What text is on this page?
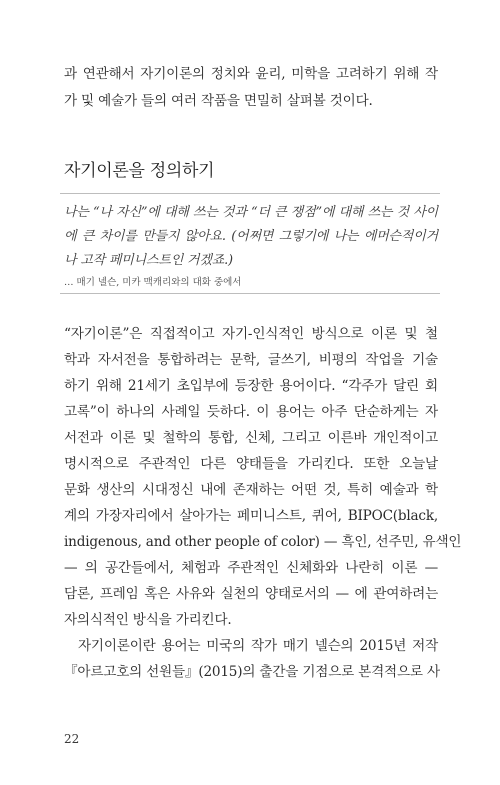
과 연관해서 자기이론의 정치와 윤리, 미학을 고려하기 위해 작
가 및 예술가 들의 여러 작품을 면밀히 살펴볼 것이다.
자기이론을 정의하기
나는 “나 자신”에 대해 쓰는 것과 “더 큰 쟁점”에 대해 쓰는 것 사이
에 큰 차이를 만들지 않아요. (어쩌면 그렇기에 나는 에머슨적이거
나 고작 페미니스트인 거겠죠.)
… 매기 넬슨, 미카 맥캐리와의 대화 중에서
“자기이론”은 직접적이고 자기-인식적인 방식으로 이론 및 철
학과 자서전을 통합하려는 문학, 글쓰기, 비평의 작업을 기술
하기 위해 21세기 초입부에 등장한 용어이다. “각주가 달린 회
고록”이 하나의 사례일 듯하다. 이 용어는 아주 단순하게는 자
서전과 이론 및 철학의 통합, 신체, 그리고 이른바 개인적이고
명시적으로 주관적인 다른 양태들을 가리킨다. 또한 오늘날
문화 생산의 시대정신 내에 존재하는 어떤 것, 특히 예술과 학
계의 가장자리에서 살아가는 페미니스트, 퀴어, BIPOC(black,
indigenous, and other people of color) — 흑인, 선주민, 유색인
— 의 공간들에서, 체험과 주관적인 신체화와 나란히 이론 —
담론, 프레임 혹은 사유와 실천의 양태로서의 — 에 관여하려는
자의식적인 방식을 가리킨다.
자기이론이란 용어는 미국의 작가 매기 넬슨의 2015년 저작
『아르고호의 선원들』(2015)의 출간을 기점으로 본격적으로 사
22
